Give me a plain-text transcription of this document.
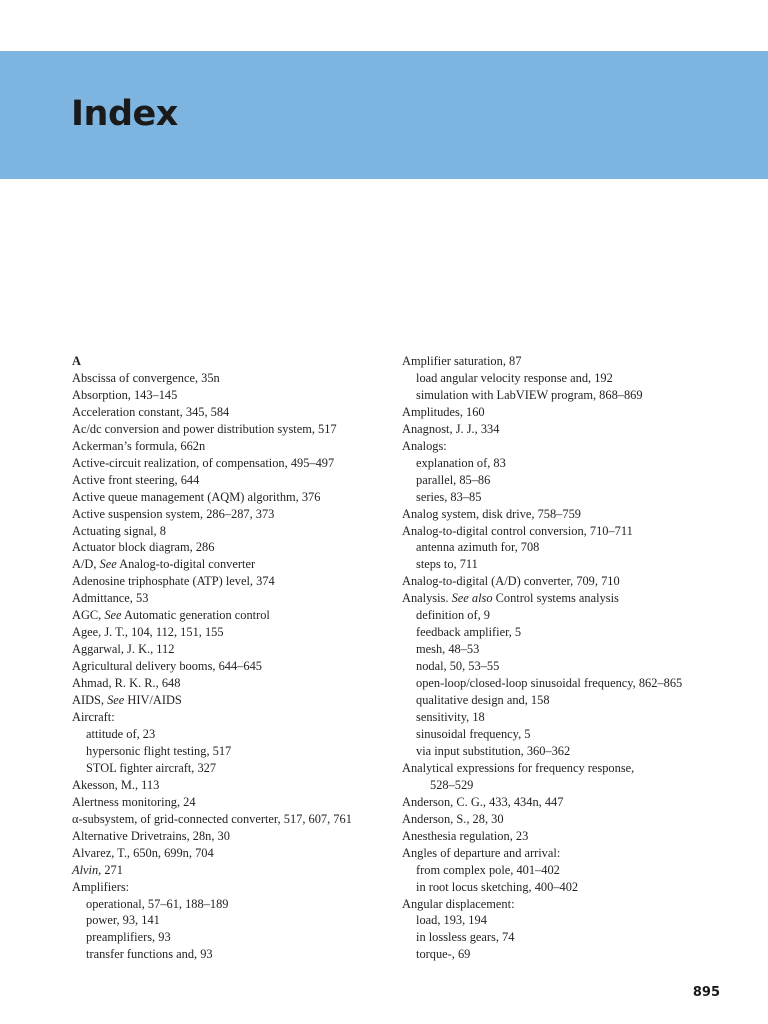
Index
A
Abscissa of convergence, 35n
Absorption, 143–145
Acceleration constant, 345, 584
Ac/dc conversion and power distribution system, 517
Ackerman’s formula, 662n
Active-circuit realization, of compensation, 495–497
Active front steering, 644
Active queue management (AQM) algorithm, 376
Active suspension system, 286–287, 373
Actuating signal, 8
Actuator block diagram, 286
A/D, See Analog-to-digital converter
Adenosine triphosphate (ATP) level, 374
Admittance, 53
AGC, See Automatic generation control
Agee, J. T., 104, 112, 151, 155
Aggarwal, J. K., 112
Agricultural delivery booms, 644–645
Ahmad, R. K. R., 648
AIDS, See HIV/AIDS
Aircraft:
attitude of, 23
hypersonic flight testing, 517
STOL fighter aircraft, 327
Akesson, M., 113
Alertness monitoring, 24
α-subsystem, of grid-connected converter, 517, 607, 761
Alternative Drivetrains, 28n, 30
Alvarez, T., 650n, 699n, 704
Alvin, 271
Amplifiers:
operational, 57–61, 188–189
power, 93, 141
preamplifiers, 93
transfer functions and, 93
Amplifier saturation, 87
load angular velocity response and, 192
simulation with LabVIEW program, 868–869
Amplitudes, 160
Anagnost, J. J., 334
Analogs:
explanation of, 83
parallel, 85–86
series, 83–85
Analog system, disk drive, 758–759
Analog-to-digital control conversion, 710–711
antenna azimuth for, 708
steps to, 711
Analog-to-digital (A/D) converter, 709, 710
Analysis. See also Control systems analysis
definition of, 9
feedback amplifier, 5
mesh, 48–53
nodal, 50, 53–55
open-loop/closed-loop sinusoidal frequency, 862–865
qualitative design and, 158
sensitivity, 18
sinusoidal frequency, 5
via input substitution, 360–362
Analytical expressions for frequency response,
528–529
Anderson, C. G., 433, 434n, 447
Anderson, S., 28, 30
Anesthesia regulation, 23
Angles of departure and arrival:
from complex pole, 401–402
in root locus sketching, 400–402
Angular displacement:
load, 193, 194
in lossless gears, 74
torque-, 69
895
